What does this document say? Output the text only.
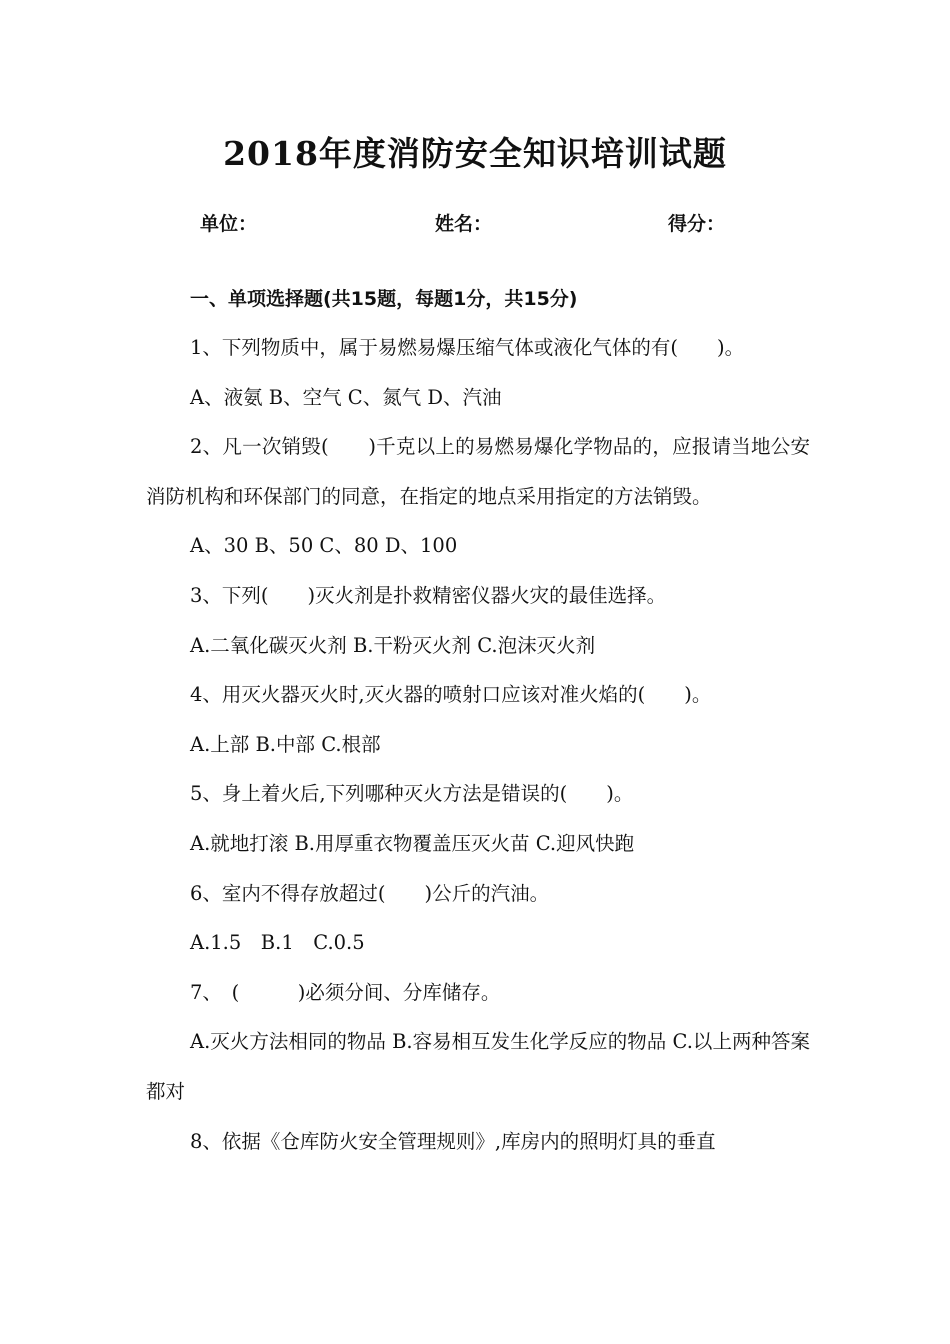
2018年度消防安全知识培训试题
单位：	姓名：	得分：
一、单项选择题(共15题，每题1分，共15分)

1、下列物质中，属于易燃易爆压缩气体或液化气体的有(　　)。

A、液氨 B、空气 C、氮气 D、汽油

2、凡一次销毁(　　)千克以上的易燃易爆化学物品的，应报请当地公安消防机构和环保部门的同意，在指定的地点采用指定的方法销毁。

A、30 B、50 C、80 D、100

3、下列(　　)灭火剂是扑救精密仪器火灾的最佳选择。

A.二氧化碳灭火剂 B.干粉灭火剂 C.泡沫灭火剂

4、用灭火器灭火时,灭火器的喷射口应该对准火焰的(　　)。

A.上部 B.中部 C.根部

5、身上着火后,下列哪种灭火方法是错误的(　　)。

A.就地打滚 B.用厚重衣物覆盖压灭火苗 C.迎风快跑

6、室内不得存放超过(　　)公斤的汽油。

A.1.5　B.1　C.0.5

7、　(　　　)必须分间、分库储存。

A.灭火方法相同的物品 B.容易相互发生化学反应的物品 C.以上两种答案都对

8、依据《仓库防火安全管理规则》,库房内的照明灯具的垂直
